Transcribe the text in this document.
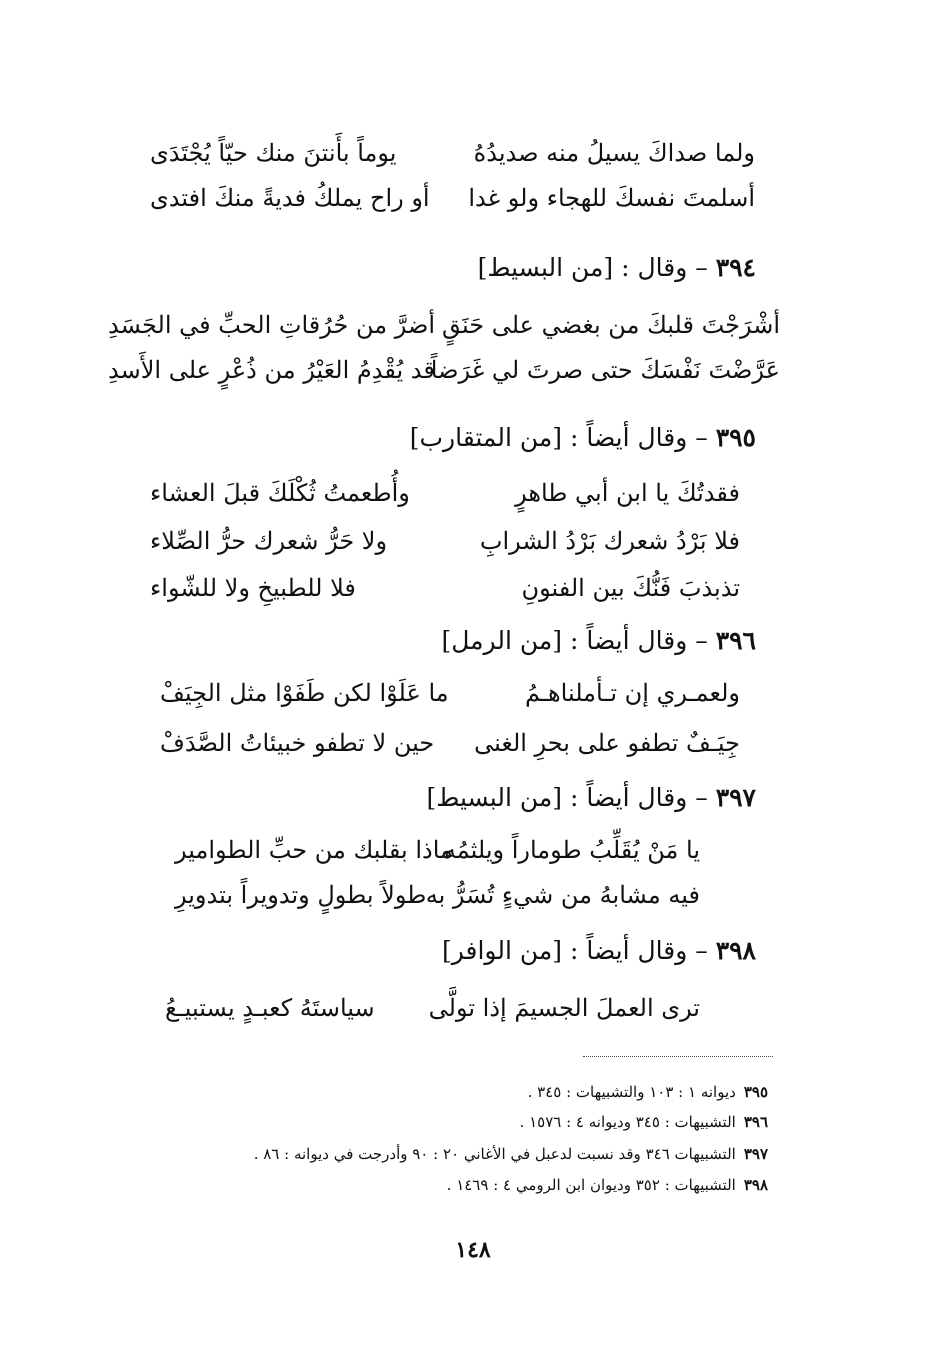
ولما صداكَ يسيلُ منه صديدُهُ
يوماً بأَنتنَ منك حيّاً يُجْتَدَى
أسلمتَ نفسكَ للهجاء ولو غدا
أو راح يملكُ فديةً منكَ افتدى
٣٩٤ – وقال : [من البسيط]
أشْرَجْتَ قلبكَ من بغضي على حَنَقٍ
أضرَّ من حُرُقاتِ الحبِّ في الجَسَدِ
عَرَّضْتَ نَفْسَكَ حتى صرتَ لي غَرَضاً
قد يُقْدِمُ العَيْرُ من ذُعْرٍ على الأَسدِ
٣٩٥ – وقال أيضاً : [من المتقارب]
فقدتُكَ يا ابن أبي طاهرٍ
وأُطعمتُ ثُكْلَكَ قبلَ العشاء
فلا بَرْدُ شعرك بَرْدُ الشرابِ
ولا حَرُّ شعرك حرُّ الصِّلاء
تذبذبَ فَنُّكَ بين الفنونِ
فلا للطبيخِ ولا للشّواء
٣٩٦ – وقال أيضاً : [من الرمل]
ولعمـري إن تـأملناهـمُ
ما عَلَوْا لكن طَفَوْا مثل الجِيَفْ
جِيَـفٌ تطفو على بحرِ الغنى
حين لا تطفو خبيئاتُ الصَّدَفْ
٣٩٧ – وقال أيضاً : [من البسيط]
يا مَنْ يُقَلِّبُ طوماراً ويلثمُه
ماذا بقلبك من حبِّ الطوامير
فيه مشابهُ من شيءٍ تُسَرُّ به
طولاً بطولٍ وتدويراً بتدويرِ
٣٩٨ – وقال أيضاً : [من الوافر]
ترى العملَ الجسيمَ إذا تولَّى
سياستَهُ كعبـدٍ يستبيـعُ
٣٩٥ديوانه ١ : ١٠٣ والتشبيهات : ٣٤٥ .
٣٩٦التشبيهات : ٣٤٥ وديوانه ٤ : ١٥٧٦ .
٣٩٧التشبيهات ٣٤٦ وقد نسبت لدعبل في الأغاني ٢٠ : ٩٠ وأدرجت في ديوانه : ٨٦ .
٣٩٨التشبيهات : ٣٥٢ وديوان ابن الرومي ٤ : ١٤٦٩ .
١٤٨
